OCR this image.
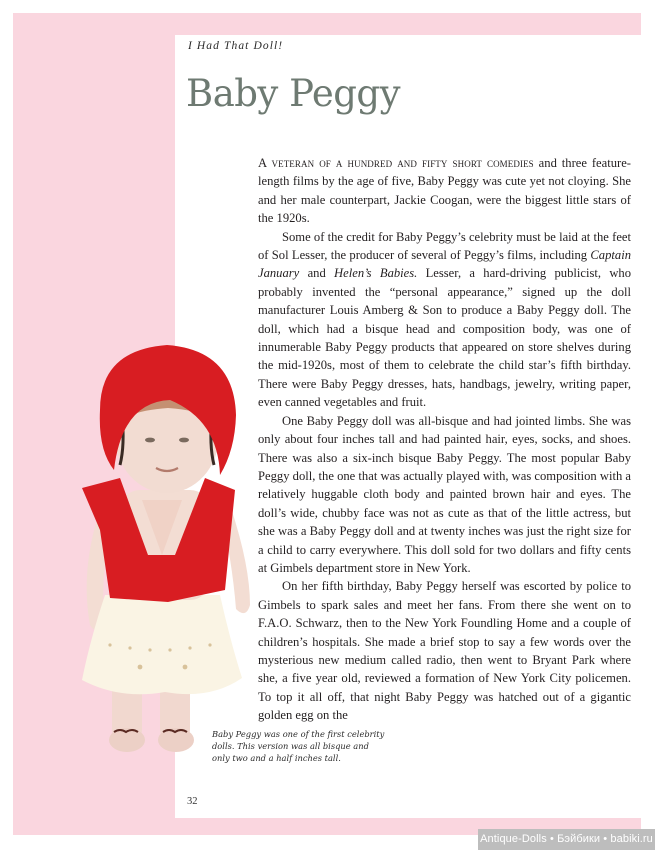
I Had That Doll!
Baby Peggy

A veteran of a hundred and fifty short comedies and three feature-length films by the age of five, Baby Peggy was cute yet not cloying. She and her male counterpart, Jackie Coogan, were the biggest little stars of the 1920s.

Some of the credit for Baby Peggy’s celebrity must be laid at the feet of Sol Lesser, the producer of several of Peggy’s films, including Captain January and Helen’s Babies. Lesser, a hard-driving publicist, who probably invented the “personal appearance,” signed up the doll manufacturer Louis Amberg & Son to produce a Baby Peggy doll. The doll, which had a bisque head and composition body, was one of innumerable Baby Peggy products that appeared on store shelves during the mid-1920s, most of them to celebrate the child star’s fifth birthday. There were Baby Peggy dresses, hats, handbags, jewelry, writing paper, even canned vegetables and fruit.

One Baby Peggy doll was all-bisque and had jointed limbs. She was only about four inches tall and had painted hair, eyes, socks, and shoes. There was also a six-inch bisque Baby Peggy. The most popular Baby Peggy doll, the one that was actually played with, was composition with a relatively huggable cloth body and painted brown hair and eyes. The doll’s wide, chubby face was not as cute as that of the little actress, but she was a Baby Peggy doll and at twenty inches was just the right size for a child to carry everywhere. This doll sold for two dollars and fifty cents at Gimbels department store in New York.

On her fifth birthday, Baby Peggy herself was escorted by police to Gimbels to spark sales and meet her fans. From there she went on to F.A.O. Schwarz, then to the New York Foundling Home and a couple of children’s hospitals. She made a brief stop to say a few words over the mysterious new medium called radio, then went to Bryant Park where she, a five year old, reviewed a formation of New York City policemen. To top it all off, that night Baby Peggy was hatched out of a gigantic golden egg on the

Baby Peggy was one of the first celebrity dolls. This version was all bisque and only two and a half inches tall.
32
Antique-Dolls • Бэйбики • babiki.ru
